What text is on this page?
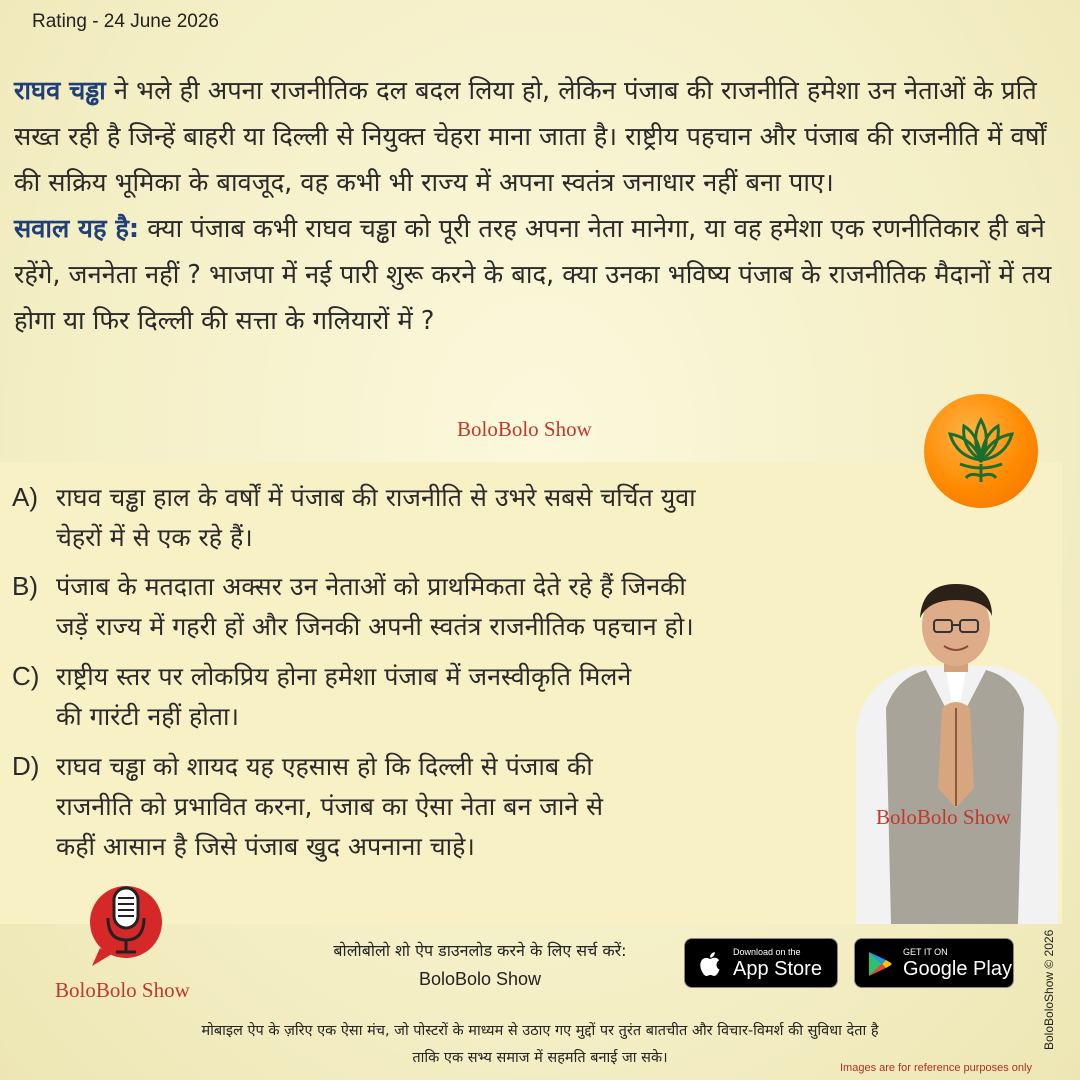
Rating - 24 June 2026
राघव चड्ढा ने भले ही अपना राजनीतिक दल बदल लिया हो, लेकिन पंजाब की राजनीति हमेशा उन नेताओं के प्रति सख्त रही है जिन्हें बाहरी या दिल्ली से नियुक्त चेहरा माना जाता है। राष्ट्रीय पहचान और पंजाब की राजनीति में वर्षों की सक्रिय भूमिका के बावजूद, वह कभी भी राज्य में अपना स्वतंत्र जनाधार नहीं बना पाए।
सवाल यह है: क्या पंजाब कभी राघव चड्ढा को पूरी तरह अपना नेता मानेगा, या वह हमेशा एक रणनीतिकार ही बने रहेंगे, जननेता नहीं ? भाजपा में नई पारी शुरू करने के बाद, क्या उनका भविष्य पंजाब के राजनीतिक मैदानों में तय होगा या फिर दिल्ली की सत्ता के गलियारों में ?
BoloBolo Show
A) राघव चड्ढा हाल के वर्षों में पंजाब की राजनीति से उभरे सबसे चर्चित युवा
चेहरों में से एक रहे हैं।
B) पंजाब के मतदाता अक्सर उन नेताओं को प्राथमिकता देते रहे हैं जिनकी
जड़ें राज्य में गहरी हों और जिनकी अपनी स्वतंत्र राजनीतिक पहचान हो।
C) राष्ट्रीय स्तर पर लोकप्रिय होना हमेशा पंजाब में जनस्वीकृति मिलने
की गारंटी नहीं होता।
D) राघव चड्ढा को शायद यह एहसास हो कि दिल्ली से पंजाब की
राजनीति को प्रभावित करना, पंजाब का ऐसा नेता बन जाने से
कहीं आसान है जिसे पंजाब खुद अपनाना चाहे।
BoloBolo Show
BoloBolo Show
बोलोबोलो शो ऐप डाउनलोड करने के लिए सर्च करें:
BoloBolo Show
Download on the
App Store
GET IT ON
Google Play
मोबाइल ऐप के ज़रिए एक ऐसा मंच, जो पोस्टरों के माध्यम से उठाए गए मुद्दों पर तुरंत बातचीत और विचार-विमर्श की सुविधा देता है
ताकि एक सभ्य समाज में सहमति बनाई जा सके।
Images are for reference purposes only
BoloBoloShow © 2026
